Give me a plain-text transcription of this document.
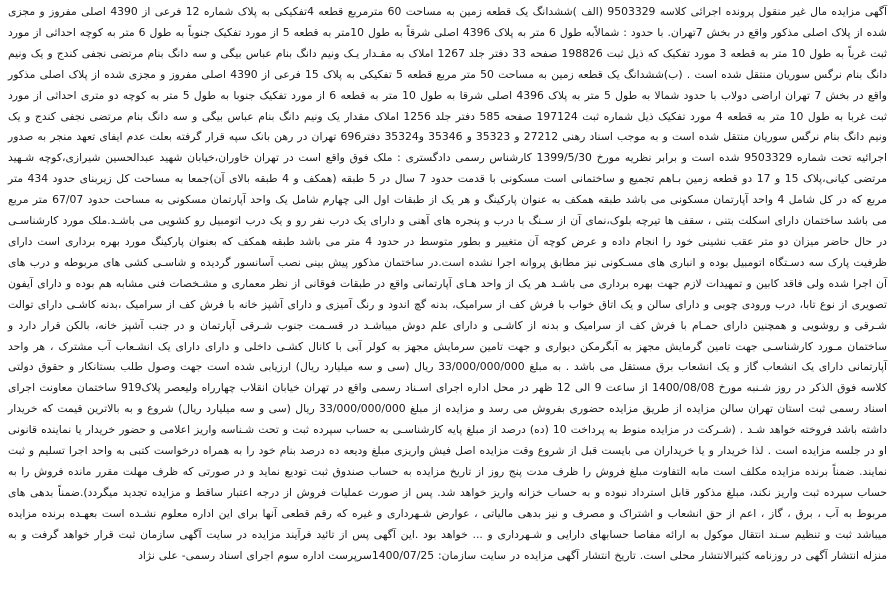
آگهی مزایده مال غیر منقول پرونده اجرائی کلاسه 9503329 (الف )ششدانگ یک قطعه زمین به مساحت 60 مترمربع قطعه 4تفکیکی به پلاک شماره 12 فرعی از 4390 اصلی مفروز و مجزی شده از پلاک اصلی مذکور واقع در بخش 7تهران. با حدود : شمالاًبه طول 6 متر به پلاک 4396 اصلی شرقاً به طول 10متر به قطعه 5 از مورد تفکیک جنوباً به طول 6 متر به کوچه احداثی از مورد ثبت غرباً به طول 10 متر به قطعه 3 مورد تفکیک که ذیل ثبت 198826 صفحه 33 دفتر جلد 1267 املاک به مقـدار یـک ونیم دانگ بنام عباس بیگی و سه دانگ بنام مرتضی نجفی کندج و یک ونیم دانگ بنام نرگس سوریان منتقل شده است . (ب)ششدانگ یک قطعه زمین به مساحت 50 متر مربع قطعه 5 تفکیکی به پلاک 15 فرعی از 4390 اصلی مفروز و مجزی شده از پلاک اصلی مذکور واقع در بخش 7 تهران اراضی دولاب با حدود شمالا به طول 5 متر به پلاک 4396 اصلی شرقا به طول 10 متر به قطعه 6 از مورد تفکیک جنوبا به طول 5 متر به کوچه دو متری احداثی از مورد ثبت غربا به طول 10 متر به قطعه 4 مورد تفکیک ذیل شماره ثبت 197124 صفحه 585 دفتر جلد 1256 املاک مقدار یک ونیم دانگ بنام عباس بیگی و سه دانگ بنام مرتضی نجفی کندج و یک ونیم دانگ بنام نرگس سوریان منتقل شده است و به موجب اسناد رهنی 27212 و 35323 و 35346 و35324 دفتر696 تهران در رهن بانک سپه قرار گرفته بعلت عدم ایفای تعهد منجر به صدور اجرائیه تحت شماره 9503329 شده است و برابر نظریه مورخ 1399/5/30 کارشناس رسمی دادگستری : ملک فوق واقع است در تهران خاوران،خیابان شهید عبدالحسین شیرازی،کوچه شـهید مرتضی کیانی،پلاک 15 و 17 دو قطعه زمین بـاهم تجمیع و ساختمانی است مسکونی با قدمت حدود 7 سال در 5 طبقه (همکف و 4 طبقه بالای آن)جمعا به مساحت کل زیربنای حدود 434 متر مربع که در کل شامل 4 واحد آپارتمان مسکونی می باشد طبقه همکف به عنوان پارکینگ و هر یک از طبقات اول الی چهارم شامل یک واحد آپارتمان مسکونی به مساحت حدود 67/07 متر مربع می باشد ساختمان دارای اسکلت بتنی ، سقف ها تیرچه بلوک،نمای آن از سـنگ با درب و پنجره های آهنی و دارای یک درب نفر رو و یک درب اتومبیل رو کشویی می باشـد.ملک مورد کارشناسـی در حال حاضر میزان دو متر عقب نشینی خود را انجام داده و عرض کوچه آن متغییر و بطور متوسط در حدود 4 متر می باشد طبقه همکف که بعنوان پارکینگ مورد بهره برداری است دارای ظرفیت پارک سه دسـتگاه اتومبیل بوده و انباری های مسـکونی نیز مطابق پروانه اجرا نشده است.در ساختمان مذکور پیش بینی نصب آسانسور گردیده و شاسـی کشی های مربوطه و درب های آن اجرا شده ولی فاقد کابین و تمهیدات لازم جهت بهره برداری می باشـد هر یک از واحد هـای آپارتمانی واقع در طبقات فوقانی از نظر معماری و مشـخصات فنی مشابه هم بوده و دارای آیفون تصویری از نوع تابا، درب ورودی چوبی و دارای سالن و یک اتاق خواب با فرش کف از سرامیک، بدنه گچ اندود و رنگ آمیزی و دارای آشپز خانه با فرش کف از سرامیک ،بدنه کاشـی دارای توالت شـرقی و روشویی و همچنین دارای حمـام با فرش کف از سرامیک و بدنه از کاشـی و دارای علم دوش میباشـد در قسـمت جنوب شـرقی آپارتمان و در جنب آشپز خانه، بالکن قرار دارد و ساختمان مـورد کارشناسـی جهت تامین گرمایش مجهز به آبگرمکن دیواری و جهت تامین سرمایش مجهز به کولر آبی با کانال کشـی داخلی و دارای دارای یک انشـعاب آب مشترک ، هر واحد آپارتمانی دارای یک انشعاب گاز و یک انشعاب برق مستقل می باشد . به مبلغ 33/000/000/000 ریال (سی و سه میلیارد ریال) ارزیابی شده است جهت وصول طلب بستانکار و حقوق دولتی کلاسه فوق الذکر در روز شـنبه مورخ 1400/08/08 از ساعت 9 الی 12 ظهر در محل اداره اجرای اسـناد رسمی واقع در تهران خیابان انقلاب چهارراه ولیعصر پلاک919 ساختمان معاونت اجرای اسناد رسمی ثبت استان تهران سالن مزایده از طریق مزایده حضوری بفروش می رسد و مزایده از مبلغ 33/000/000/000 ریال (سی و سه میلیارد ریال) شروع و به بالاترین قیمت که خریدار داشته باشد فروخته خواهد شـد . (شـرکت در مزایده منوط به پرداخت 10 (ده) درصد از مبلغ پایه کارشناسـی به حساب سپرده ثبت و تحت شـناسه واریز اعلامی و حضور خریدار یا نماینده قانونی او در جلسه مزایده است . لذا خریدار و یا خریداران می بایست قبل از شروع وقت مزایده اصل فیش واریزی مبلغ ودیعه ده درصد بنام خود را به همراه درخواست کتبی به واحد اجرا تسلیم و ثبت نمایند. ضمناً برنده مزایده مکلف است مابه التفاوت مبلغ فروش را ظرف مدت پنج روز از تاریخ مزایده به حساب صندوق ثبت تودیع نماید و در صورتی که ظرف مهلت مقرر مانده فروش را به حساب سپرده ثبت واریز نکند، مبلغ مذکور قابل استرداد نبوده و به حساب خزانه واریز خواهد شد. پس از صورت عملیات فروش از درجه اعتبار ساقط و مزایده تجدید میگردد).ضمناً بدهی های مربوط به آب ، برق ، گاز ، اعم از حق انشعاب و اشتراک و مصرف و نیز بدهی مالیاتی ، عوارض شـهرداری و غیره که رقم قطعی آنها برای این اداره معلوم نشـده است بعهـده برنده مزایده میباشد ثبت و تنظیم سـند انتقال موکول به ارائه مفاصا حسابهای دارایی و شـهرداری و ... خواهد بود .این آگهی پس از تائید فرآیند مزایده در سایت آگهی سازمان ثبت قرار خواهد گرفت و به منزله انتشار آگهی در روزنامه کثیرالانتشار محلی است. تاریخ انتشار آگهی مزایده در سایت سازمان: 1400/07/25سرپرست اداره سوم اجرای اسناد رسمی- علی نژاد
